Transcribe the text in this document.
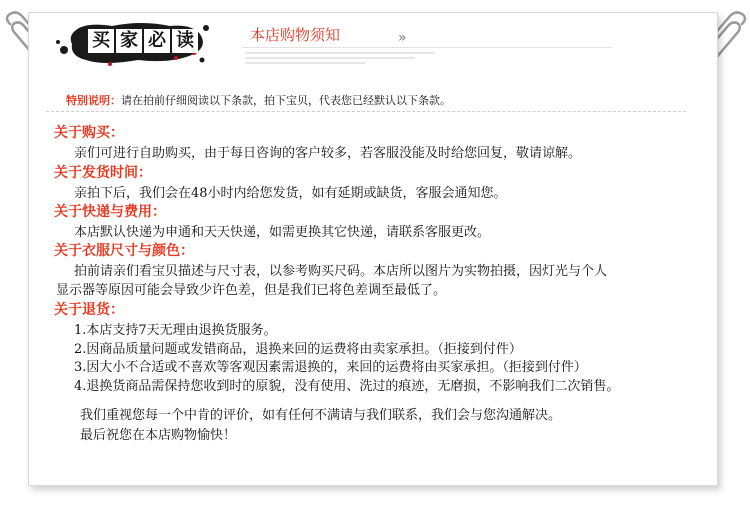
买 家 必 读	本店购物须知	»
特别说明：请在拍前仔细阅读以下条款，拍下宝贝，代表您已经默认以下条款。
关于购买：
亲们可进行自助购买，由于每日咨询的客户较多，若客服没能及时给您回复，敬请谅解。
关于发货时间：
亲拍下后，我们会在48小时内给您发货，如有延期或缺货，客服会通知您。
关于快递与费用：
本店默认快递为申通和天天快递，如需更换其它快递，请联系客服更改。
关于衣服尺寸与颜色：
拍前请亲们看宝贝描述与尺寸表，以参考购买尺码。本店所以图片为实物拍摄，因灯光与个人
显示器等原因可能会导致少许色差，但是我们已将色差调至最低了。
关于退货：
1.本店支持7天无理由退换货服务。
2.因商品质量问题或发错商品，退换来回的运费将由卖家承担。（拒接到付件）
3.因大小不合适或不喜欢等客观因素需退换的，来回的运费将由买家承担。（拒接到付件）
4.退换货商品需保持您收到时的原貌，没有使用、洗过的痕迹，无磨损，不影响我们二次销售。
我们重视您每一个中肯的评价，如有任何不满请与我们联系，我们会与您沟通解决。
最后祝您在本店购物愉快！
